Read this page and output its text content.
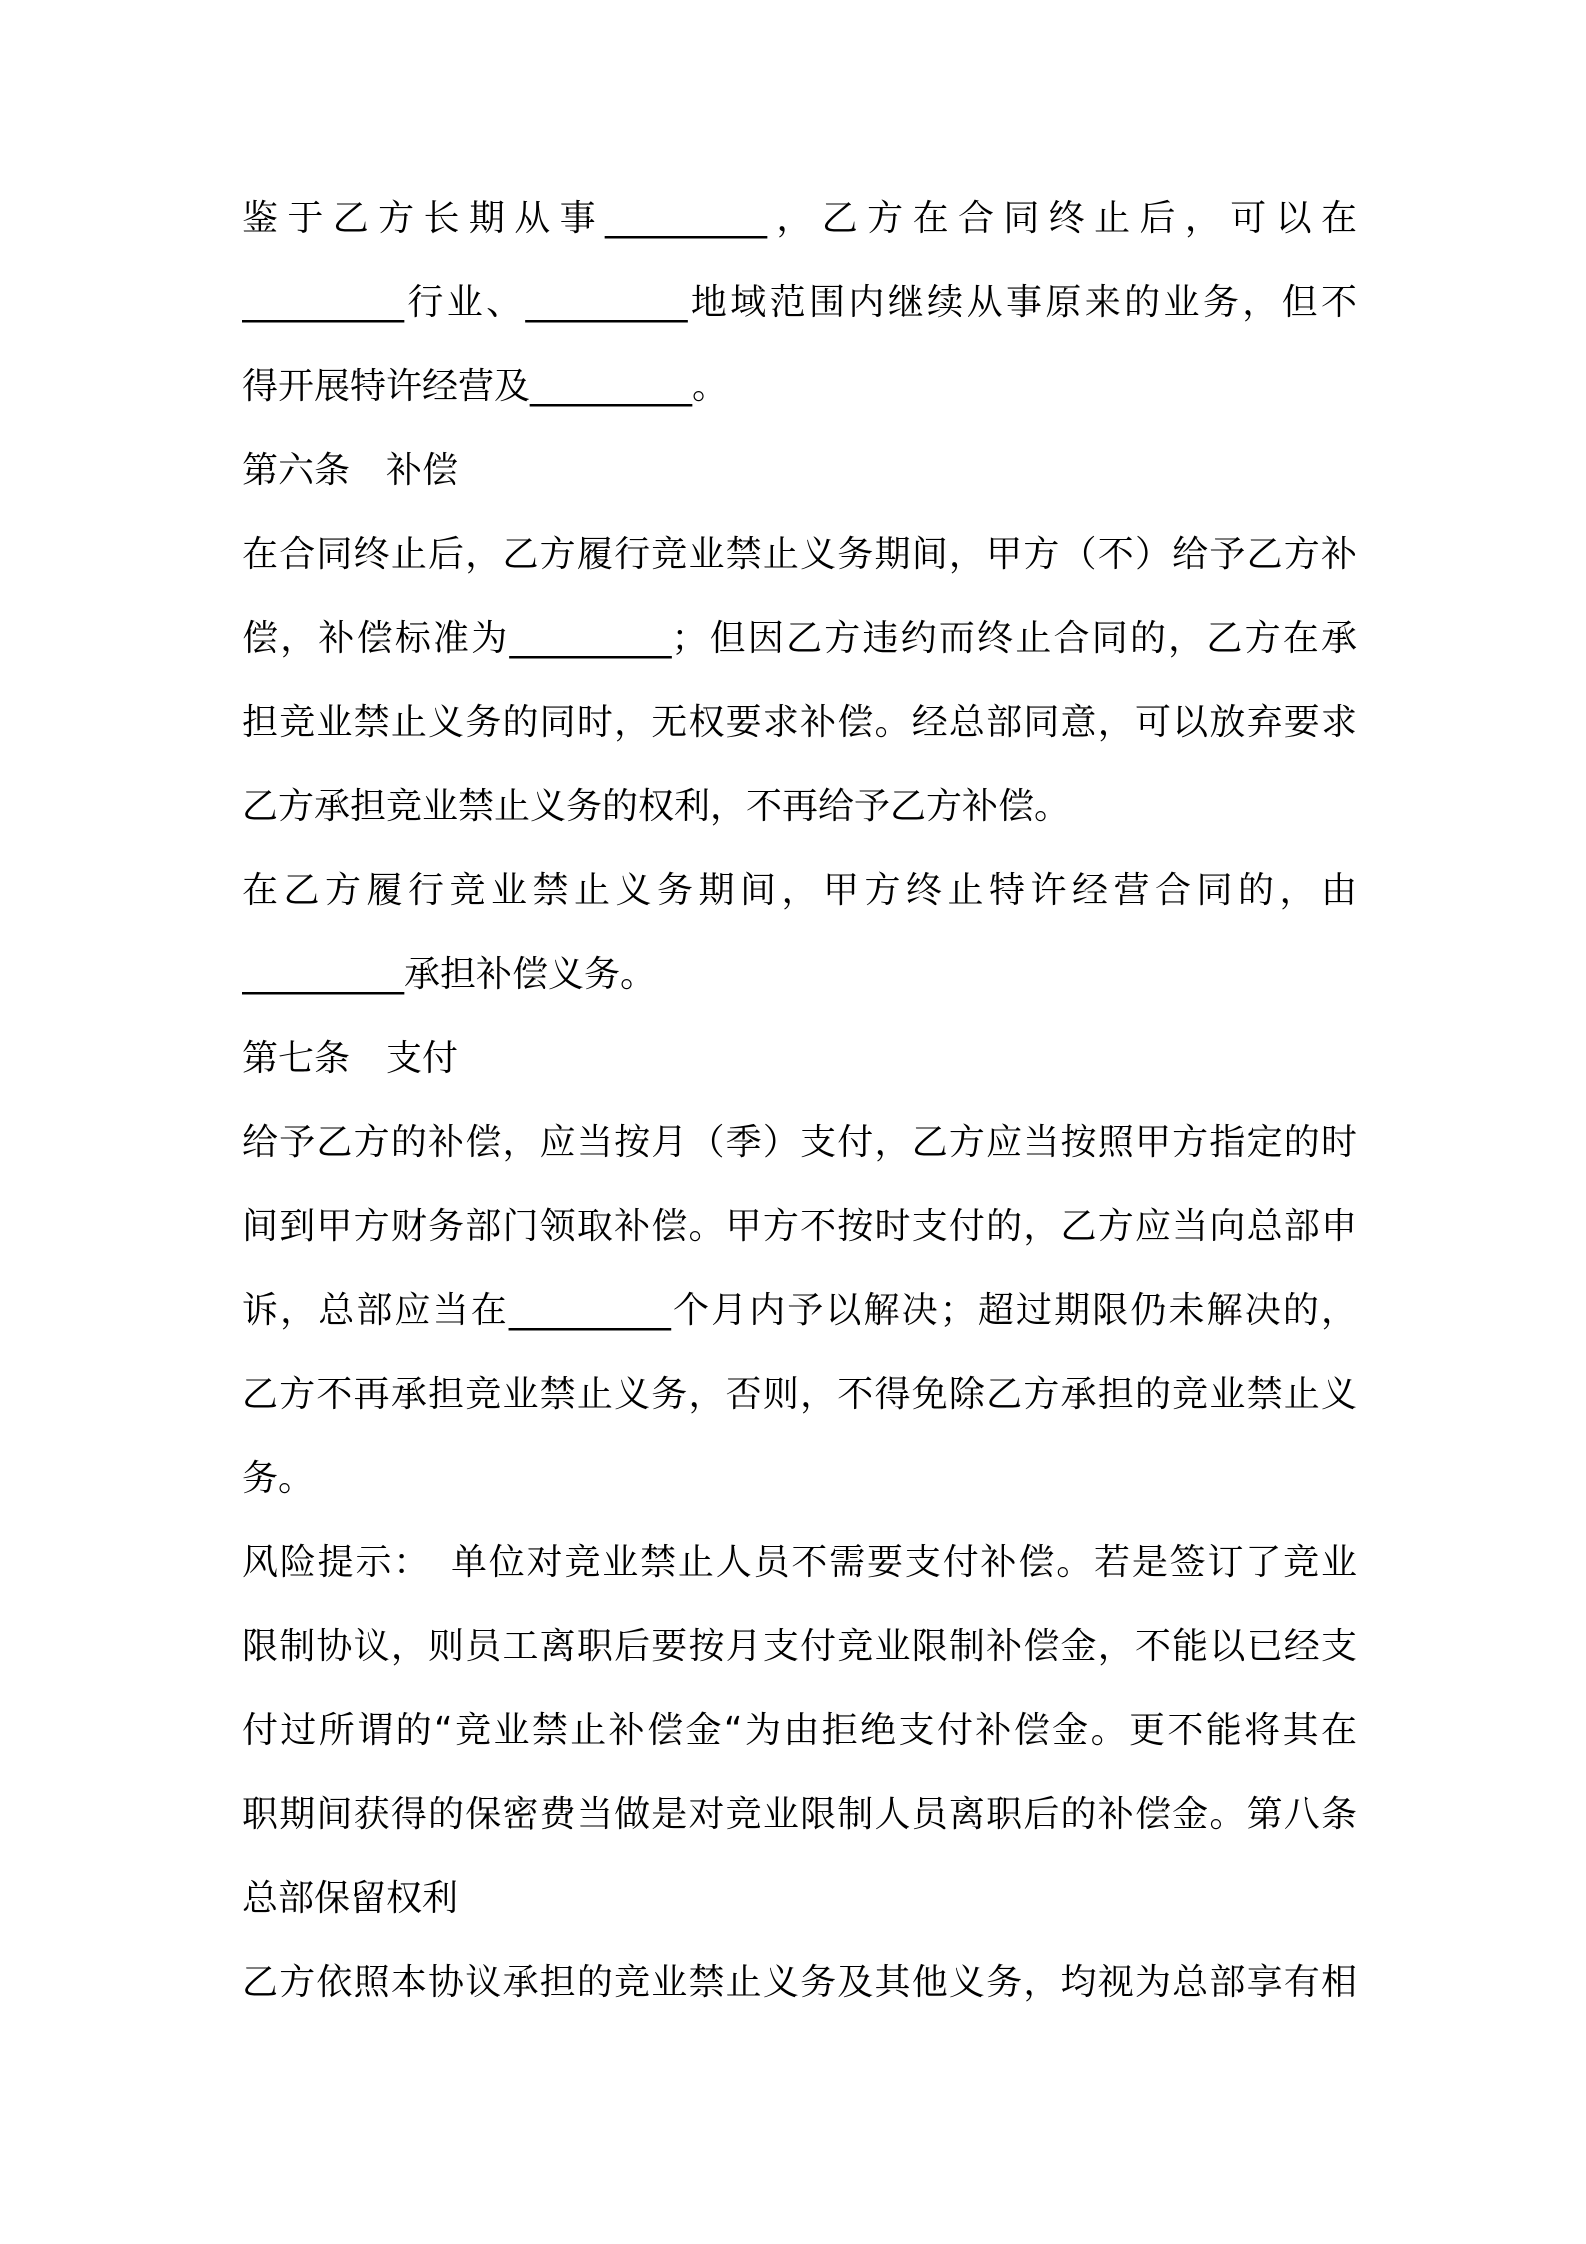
鉴于乙方长期从事_________，乙方在合同终止后，可以在
_________行业、_________地域范围内继续从事原来的业务，但不
得开展特许经营及_________。
第六条　补偿
在合同终止后，乙方履行竞业禁止义务期间，甲方（不）给予乙方补
偿，补偿标准为_________；但因乙方违约而终止合同的，乙方在承
担竞业禁止义务的同时，无权要求补偿。经总部同意，可以放弃要求
乙方承担竞业禁止义务的权利，不再给予乙方补偿。
在乙方履行竞业禁止义务期间，甲方终止特许经营合同的，由
_________承担补偿义务。
第七条　支付
给予乙方的补偿，应当按月（季）支付，乙方应当按照甲方指定的时
间到甲方财务部门领取补偿。甲方不按时支付的，乙方应当向总部申
诉，总部应当在_________个月内予以解决；超过期限仍未解决的，
乙方不再承担竞业禁止义务，否则，不得免除乙方承担的竞业禁止义
务。
风险提示：　单位对竞业禁止人员不需要支付补偿。若是签订了竞业
限制协议，则员工离职后要按月支付竞业限制补偿金，不能以已经支
付过所谓的“竞业禁止补偿金“为由拒绝支付补偿金。更不能将其在
职期间获得的保密费当做是对竞业限制人员离职后的补偿金。第八条
总部保留权利
乙方依照本协议承担的竞业禁止义务及其他义务，均视为总部享有相
